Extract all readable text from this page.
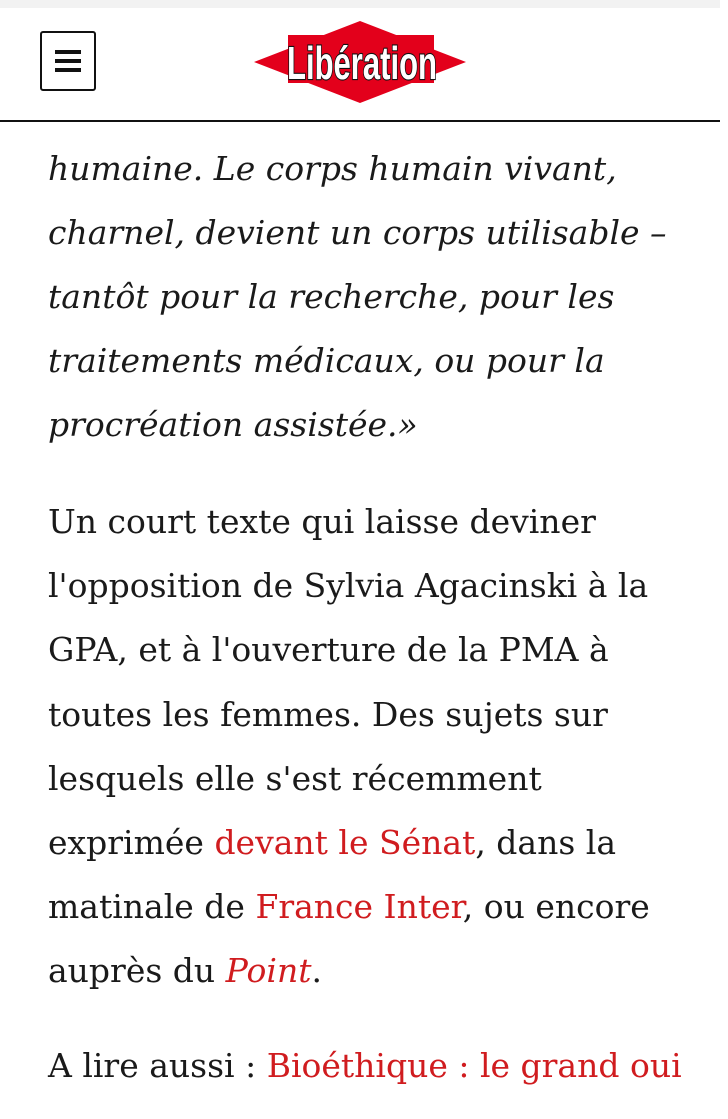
humaine. Le corps humain vivant,
charnel, devient un corps utilisable –
tantôt pour la recherche, pour les
traitements médicaux, ou pour la
procréation assistée.»

Un court texte qui laisse deviner
l'opposition de Sylvia Agacinski à la
GPA, et à l'ouverture de la PMA à
toutes les femmes. Des sujets sur
lesquels elle s'est récemment
exprimée devant le Sénat, dans la
matinale de France Inter, ou encore
auprès du Point.

A lire aussi : Bioéthique : le grand oui

Libération
